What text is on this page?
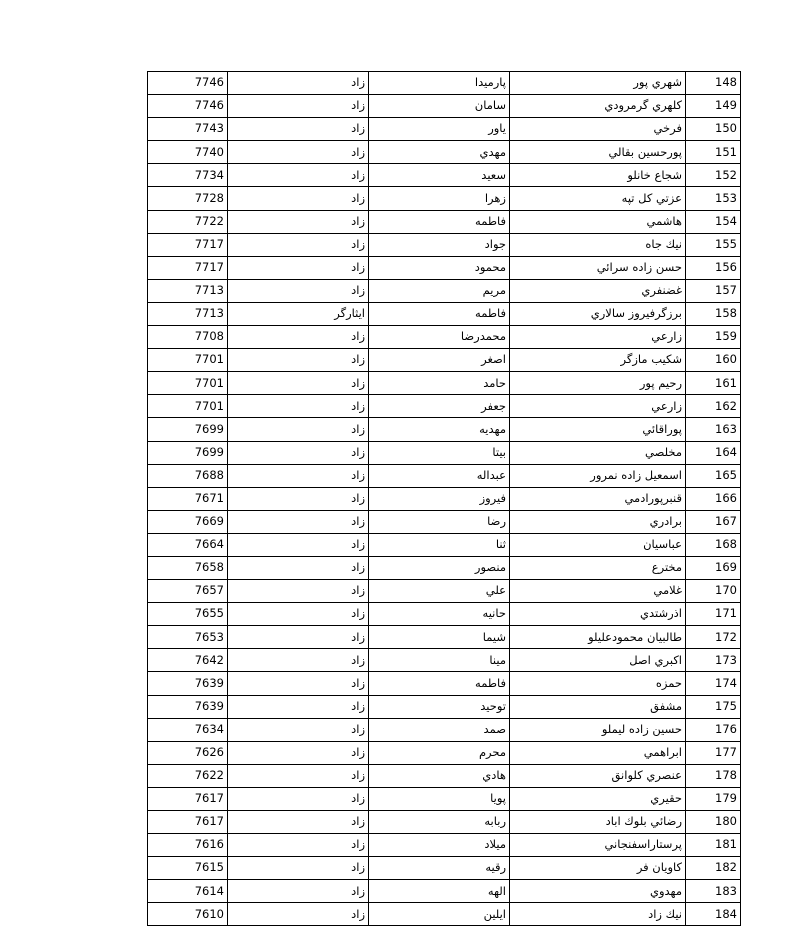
7746	زاد	پارميدا	شهري پور	148
7746	زاد	سامان	كلهري گرمرودي	149
7743	زاد	ياور	فرخي	150
7740	زاد	مهدي	پورحسين بقالي	151
7734	زاد	سعيد	شجاع خانلو	152
7728	زاد	زهرا	عزتي كل تپه	153
7722	زاد	فاطمه	هاشمي	154
7717	زاد	جواد	نيك جاه	155
7717	زاد	محمود	حسن زاده سرائي	156
7713	زاد	مريم	غضنفري	157
7713	ايثارگر	فاطمه	برزگرفيروز سالاري	158
7708	زاد	محمدرضا	زارعي	159
7701	زاد	اصغر	شكيب مازگر	160
7701	زاد	حامد	رحيم پور	161
7701	زاد	جعفر	زارعي	162
7699	زاد	مهديه	پوراقائي	163
7699	زاد	بيتا	مخلصي	164
7688	زاد	عبداله	اسمعيل زاده نمرور	165
7671	زاد	فيروز	قنبرپورادمي	166
7669	زاد	رضا	برادري	167
7664	زاد	ثنا	عباسيان	168
7658	زاد	منصور	مخترع	169
7657	زاد	علي	غلامي	170
7655	زاد	حانيه	اذرشتدي	171
7653	زاد	شيما	طالبيان محمودعليلو	172
7642	زاد	مينا	اكبري اصل	173
7639	زاد	فاطمه	حمزه	174
7639	زاد	توحيد	مشفق	175
7634	زاد	صمد	حسين زاده ليملو	176
7626	زاد	محرم	ابراهمي	177
7622	زاد	هادي	عنصري كلوانق	178
7617	زاد	پويا	حقيري	179
7617	زاد	ربابه	رضائي بلوك اباد	180
7616	زاد	ميلاد	پرستاراسفنجاني	181
7615	زاد	رقيه	كاويان فر	182
7614	زاد	الهه	مهدوي	183
7610	زاد	ايلين	نيك زاد	184
